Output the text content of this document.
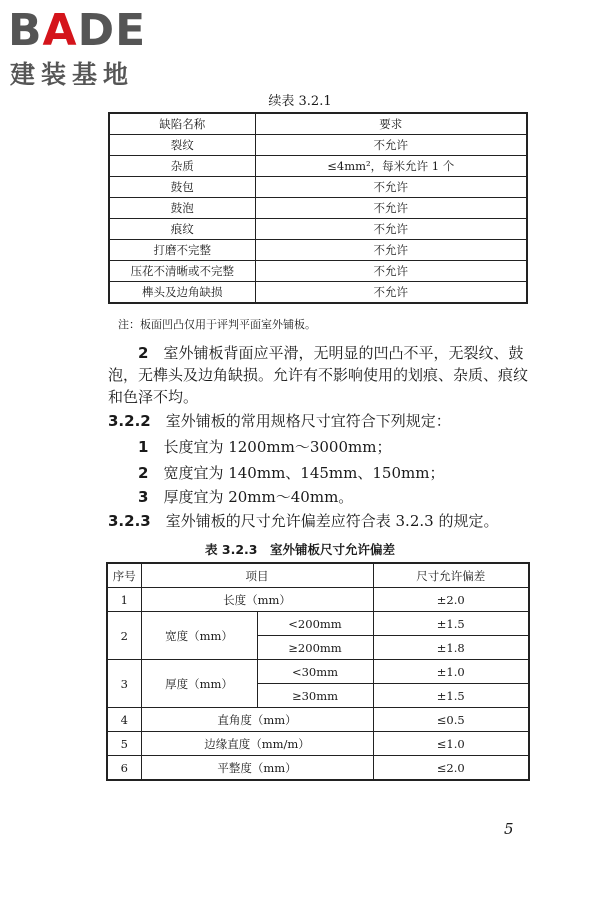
BADE
建装基地
续表 3.2.1
缺陷名称	要求
裂纹	不允许
杂质	≤4mm²，每米允许 1 个
鼓包	不允许
鼓泡	不允许
痕纹	不允许
打磨不完整	不允许
压花不清晰或不完整	不允许
榫头及边角缺损	不允许
注：板面凹凸仅用于评判平面室外铺板。
2　 室外铺板背面应平滑，无明显的凹凸不平，无裂纹、鼓泡，无榫头及边角缺损。允许有不影响使用的划痕、杂质、痕纹和色泽不均。
3.2.2　 室外铺板的常用规格尺寸宜符合下列规定：
1　 长度宜为 1200mm～3000mm；
2　 宽度宜为 140mm、145mm、150mm；
3　 厚度宜为 20mm～40mm。
3.2.3　 室外铺板的尺寸允许偏差应符合表 3.2.3 的规定。
表 3.2.3　室外铺板尺寸允许偏差
序号	项目		尺寸允许偏差
1	长度（mm）		±2.0
2	宽度（mm）	<200mm	±1.5
		≥200mm	±1.8
3	厚度（mm）	<30mm	±1.0
		≥30mm	±1.5
4	直角度（mm）		≤0.5
5	边缘直度（mm/m）		≤1.0
6	平整度（mm）		≤2.0
5
